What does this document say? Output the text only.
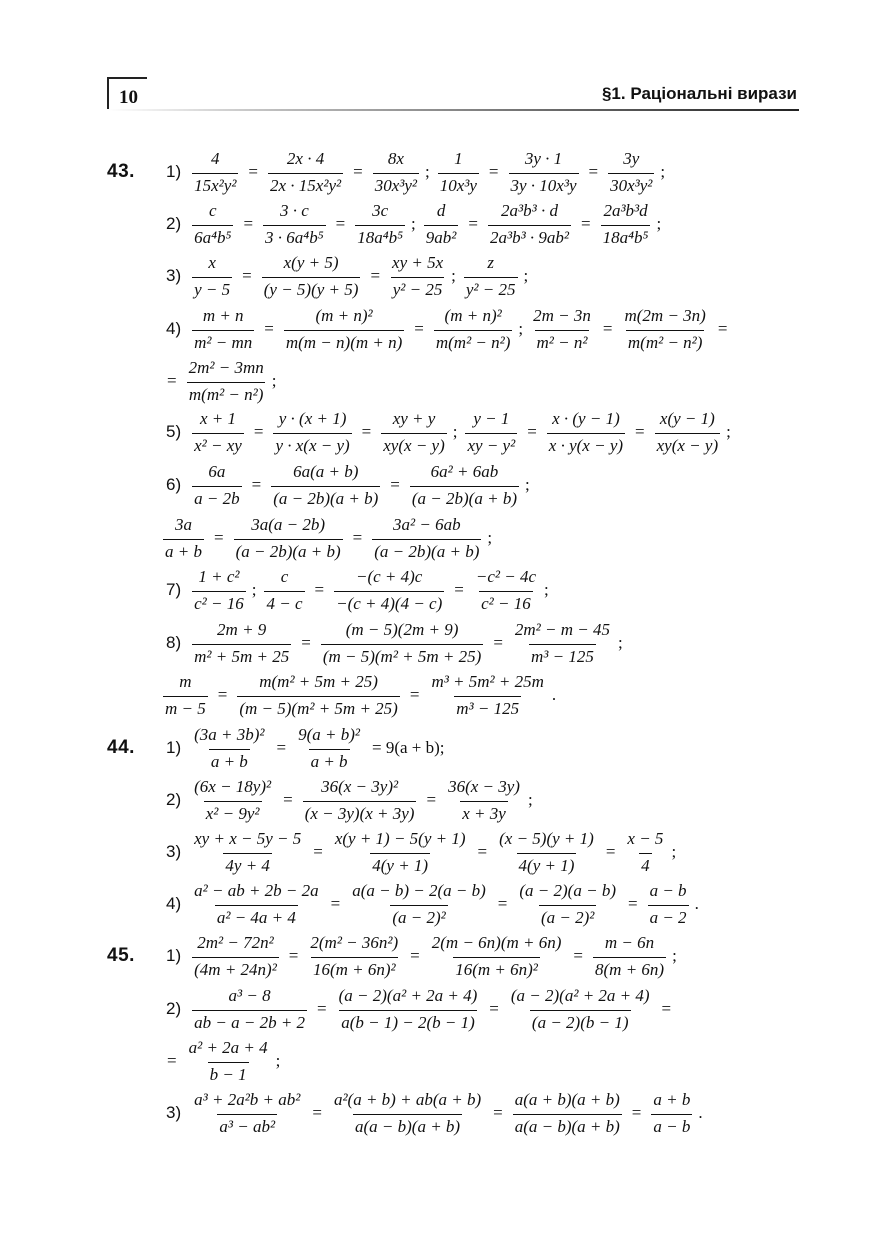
10	§1. Раціональні вирази
43. $1) \frac{4}{\text{15x²y²}} = \frac{2x \cdot 4}{\text{2x · 15x²y²}} = \frac{8x}{\text{30x³y²}}$ ; $\frac{1}{\text{10x³y}} = \frac{3y \cdot 1}{\text{3y · 10x³y}} = \frac{3y}{\text{30x³y²}}$ ;
$2) \frac{c}{\text{6a⁴b⁵}} = \frac{3 \cdot c}{\text{3 · 6a⁴b⁵}} = \frac{3c}{\text{18a⁴b⁵}}$ ; $\frac{d}{\text{9ab²}} = \frac{\text{2a³b³ · d}}{\text{2a³b³ · 9ab²}} = \frac{\text{2a³b³d}}{\text{18a⁴b⁵}}$ ;
$3) \frac{x}{y - 5} = \frac{x(y + 5)}{(y - 5)(y + 5)} = \frac{xy + 5x}{\text{y² − 25}}$ ; $\frac{z}{\text{y² − 25}}$ ;
$4) \frac{m + n}{\text{m² − mn}} = \frac{\text{(m + n)²}}{m(m - n)(m + n)} = \frac{\text{(m + n)²}}{\text{m(m² − n²)}}$ ; $\frac{2m - 3n}{\text{m² − n²}} = \frac{m(2m - 3n)}{\text{m(m² − n²)}}$ =
= $\frac{\text{2m² − 3mn}}{\text{m(m² − n²)}}$ ;
$5) \frac{x + 1}{\text{x² − xy}} = \frac{y \cdot (x + 1)}{y \cdot x(x - y)} = \frac{xy + y}{xy(x - y)}$ ; $\frac{y - 1}{\text{xy − y²}} = \frac{x \cdot (y - 1)}{x \cdot y(x - y)} = \frac{x(y - 1)}{xy(x - y)}$ ;
$6) \frac{6a}{a - 2b} = \frac{6a(a + b)}{(a - 2b)(a + b)} = \frac{\text{6a² + 6ab}}{(a - 2b)(a + b)}$ ;
$\frac{3a}{a + b} = \frac{3a(a - 2b)}{(a - 2b)(a + b)} = \frac{\text{3a² − 6ab}}{(a - 2b)(a + b)}$ ;
$7) \frac{\text{1 + c²}}{\text{c² − 16}}$ ; $\frac{c}{4 - c} = \frac{-(c + 4)c}{-(c + 4)(4 - c)} = \frac{\text{−c² − 4c}}{\text{c² − 16}}$ ;
$8) \frac{2m + 9}{\text{m² + 5m + 25}} = \frac{(m - 5)(2m + 9)}{\text{(m − 5)(m² + 5m + 25)}} = \frac{\text{2m² − m − 45}}{\text{m³ − 125}}$ ;
$\frac{m}{m - 5} = \frac{\text{m(m² + 5m + 25)}}{\text{(m − 5)(m² + 5m + 25)}} = \frac{\text{m³ + 5m² + 25m}}{\text{m³ − 125}}$ .
44. $1) \frac{\text{(3a + 3b)²}}{a + b} = \frac{\text{9(a + b)²}}{a + b} = 9(a + b)$;
$2) \frac{\text{(6x − 18y)²}}{\text{x² − 9y²}} = \frac{\text{36(x − 3y)²}}{(x - 3y)(x + 3y)} = \frac{36(x - 3y)}{x + 3y}$ ;
$3) \frac{xy + x - 5y - 5}{4y + 4} = \frac{x(y + 1) - 5(y + 1)}{4(y + 1)} = \frac{(x - 5)(y + 1)}{4(y + 1)} = \frac{x - 5}{4}$ ;
$4) \frac{\text{a² − ab + 2b − 2a}}{\text{a² − 4a + 4}} = \frac{a(a - b) - 2(a - b)}{\text{(a − 2)²}} = \frac{(a - 2)(a - b)}{\text{(a − 2)²}} = \frac{a - b}{a - 2}$ .
45. $1) \frac{\text{2m² − 72n²}}{\text{(4m + 24n)²}} = \frac{\text{2(m² − 36n²)}}{\text{16(m + 6n)²}} = \frac{2(m - 6n)(m + 6n)}{\text{16(m + 6n)²}} = \frac{m - 6n}{8(m + 6n)}$ ;
$2) \frac{\text{a³ − 8}}{ab - a - 2b + 2} = \frac{\text{(a − 2)(a² + 2a + 4)}}{a(b - 1) - 2(b - 1)} = \frac{\text{(a − 2)(a² + 2a + 4)}}{(a - 2)(b - 1)}$ =
= $\frac{\text{a² + 2a + 4}}{b - 1}$ ;
$3) \frac{\text{a³ + 2a²b + ab²}}{\text{a³ − ab²}} = \frac{\text{a²(a + b) + ab(a + b)}}{a(a - b)(a + b)} = \frac{a(a + b)(a + b)}{a(a - b)(a + b)} = \frac{a + b}{a - b}$ .
